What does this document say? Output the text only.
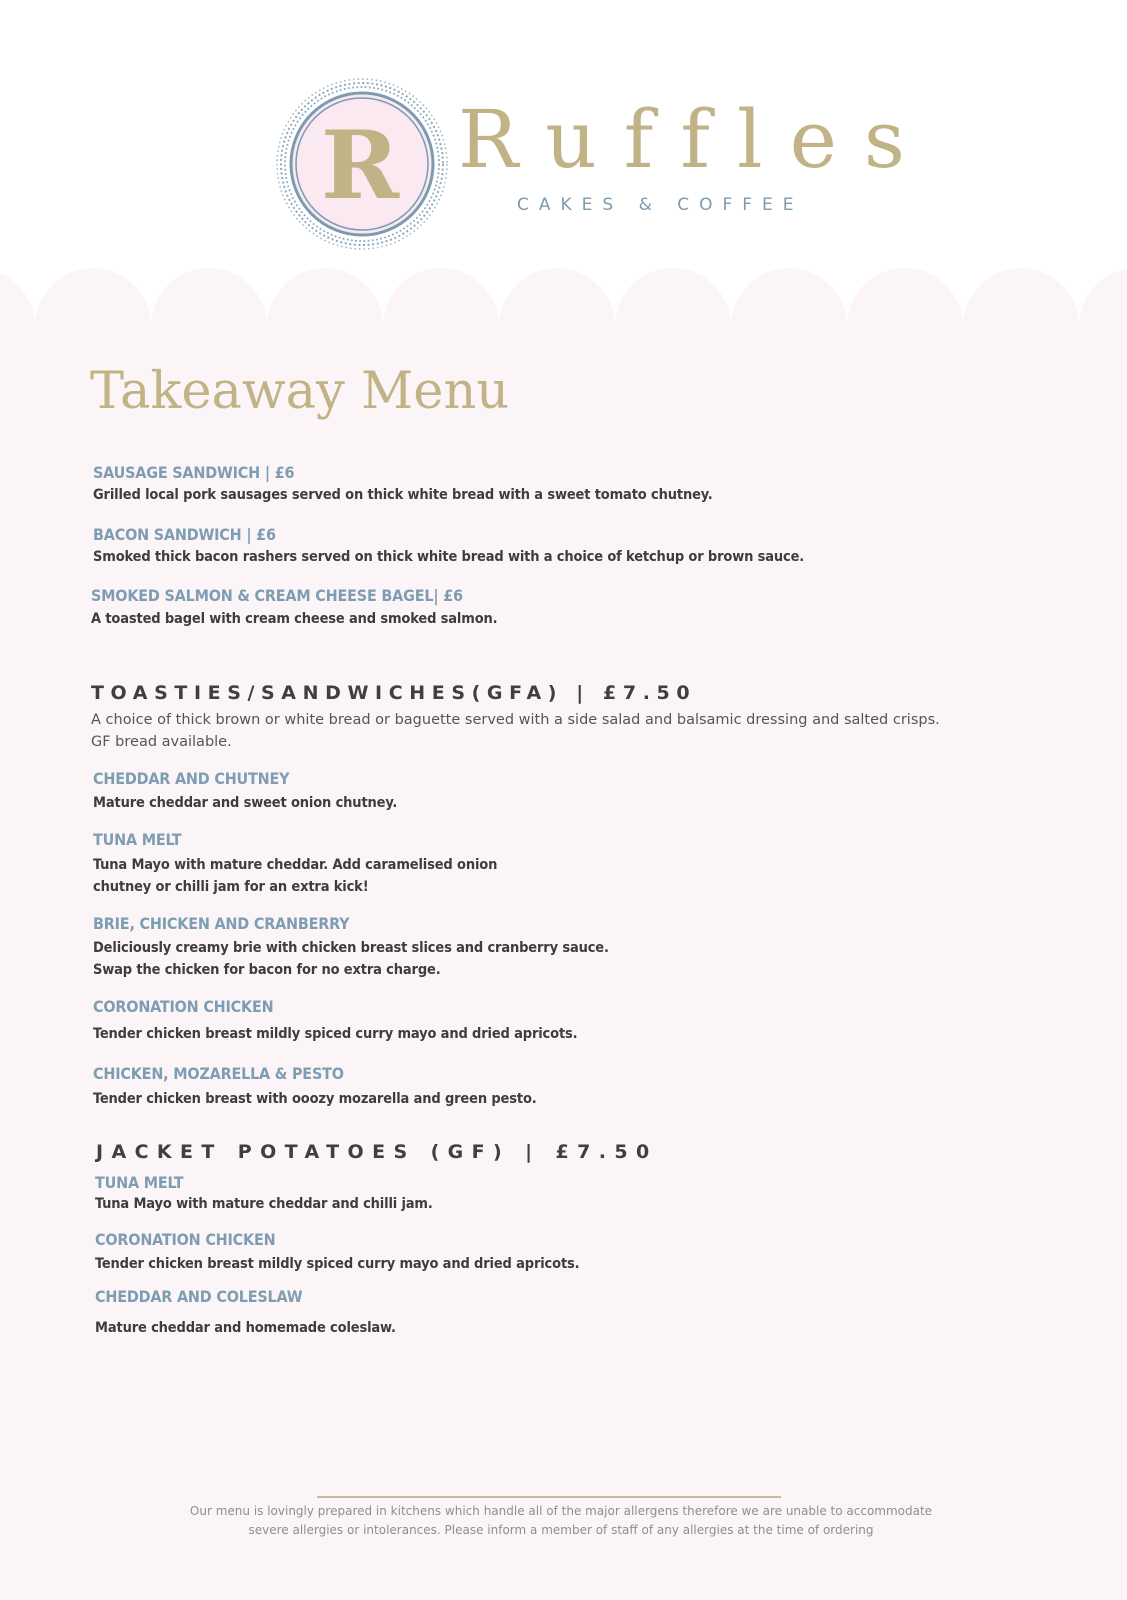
R Ruffles
CAKES & COFFEE
Takeaway Menu
SAUSAGE SANDWICH | £6
Grilled local pork sausages served on thick white bread with a sweet tomato chutney.
BACON SANDWICH | £6
Smoked thick bacon rashers served on thick white bread with a choice of ketchup or brown sauce.
SMOKED SALMON & CREAM CHEESE BAGEL| £6
A toasted bagel with cream cheese and smoked salmon.
TOASTIES/SANDWICHES(GFA) | £7.50
A choice of thick brown or white bread or baguette served with a side salad and balsamic dressing and salted crisps. GF bread available.
CHEDDAR AND CHUTNEY
Mature cheddar and sweet onion chutney.
TUNA MELT
Tuna Mayo with mature cheddar. Add caramelised onion
chutney or chilli jam for an extra kick!
BRIE, CHICKEN AND CRANBERRY
Deliciously creamy brie with chicken breast slices and cranberry sauce.
Swap the chicken for bacon for no extra charge.
CORONATION CHICKEN
Tender chicken breast mildly spiced curry mayo and dried apricots.
CHICKEN, MOZARELLA & PESTO
Tender chicken breast with ooozy mozarella and green pesto.
JACKET POTATOES (GF) | £7.50
TUNA MELT
Tuna Mayo with mature cheddar and chilli jam.
CORONATION CHICKEN
Tender chicken breast mildly spiced curry mayo and dried apricots.
CHEDDAR AND COLESLAW
Mature cheddar and homemade coleslaw.
Our menu is lovingly prepared in kitchens which handle all of the major allergens therefore we are unable to accommodate
severe allergies or intolerances. Please inform a member of staff of any allergies at the time of ordering
